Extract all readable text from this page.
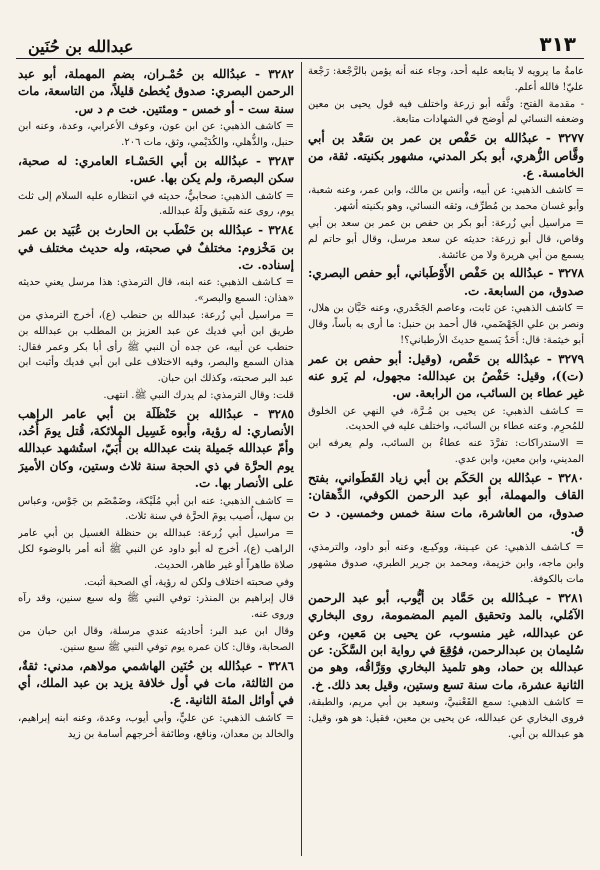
٣١٣
عبدالله بن حُنَين

عامةُ ما يرويه لا يتابعه عليه أحد، وجاء عنه أنه يؤمن بالرَّجْعة: رَجْعة عليّ! فالله أعلم.

- مقدمة الفتح: وثَّقه أبو زرعة واختلف فيه قول يحيى بن معين وضعفه النسائي لم أوضح في الشهادات متابعة.

٣٢٧٧ - عبدُالله بن حَفْص بن عمر بن سَعْد بن أبي وقَّاص الزُّهري، أبو بكر المدني، مشهور بكنيته. ثقة، من الخامسة. ع.

= كاشف الذهبي: عن أبيه، وأنس بن مالك، وابن عمر، وعنه شعبة، وأبو غسان محمد بن مُطرِّف، وثقه النسائي، وهو بكنيته أشهر.

= مراسيل أبي زُرعة: أبو بكر بن حفص بن عمر بن سعد بن أبي وقاص، قال أبو زرعة: حديثه عن سعد مرسل، وقال أبو حاتم لم يسمع من أبي هريرة ولا من عائشة.

٣٢٧٨ - عبدُالله بن حَفْص الأَوْطَباني، أبو حفص البصري: صدوق، من السابعة. ت.

= كاشف الذهبي: عن ثابت، وعاصم الجَحْدري، وعنه حَبَّان بن هلال، ونصر بن علي الجَهْضَمي، قال أحمد بن حنبل: ما أرى به بأساً، وقال أبو خيثمة: قال: أَحَدٌ يَسمع حديثَ الأرطباني؟!

٣٢٧٩ - عبدُالله بن حَفْص، (وقيل: أبو حفص بن عمر (ت))، وقيل: حَفْصُ بن عبدالله: مجهول، لم يَرو عنه غير عطاء بن السائب، من الرابعة. س.

= كـاشف الذهبي: عن يحيى بن مُـرَّة، في النهي عن الخلوق للمُحرِم. وعنه عطاء بن السائب، واختلف عليه في الحديث.

= الاستدراكات: تفرَّدَ عنه عطاءُ بن السائب، ولم يعرفه ابن المديني، وابن معين، وابن عدي.

٣٢٨٠ - عبدُالله بن الحَكَم بن أبي زياد القَطَواني، بفتح القاف والمهملة، أبو عبد الرحمن الكوفي، الدِّهقان: صدوق، من العاشرة، مات سنة خمس وخمسين. د ت ق.

= كـاشف الذهبي: عن عيـينة، ووكيـع، وعنه أبو داود، والترمذي، وابن ماجه، وابن خزيمة، ومحمد بن جرير الطبري، صدوق مشهور مات بالكوفة.

٣٢٨١ - عبـدُالله بن حَمَّاد بن أيُّوب، أبو عبد الرحمن الآمُلي، بالمد وتحقيق الميم المضمومة، روى البخاري عن عبدالله، غير منسوب، عن يحيى بن مَعين، وعن سُليمان بن عبدالرحمن، فوُقِعَ في رواية ابن السَّكَن: عن عبدالله بن حماد، وهو تلميذ البخاري ووَرَّاقُه، وهو من الثانية عشرة، مات سنة تسع وستين، وقيل بعد ذلك. خ.

= كاشف الذهبي: سمع القَعْنبيَّ، وسعيد بن أبي مريم، والطبقة، فروى البخاري عن عبدالله، عن يحيى بن معين، فقيل: هو هو، وقيل: هو عبدالله بن أبي.

٣٢٨٢ - عبدُالله بن حُمْـران، بضم المهملة، أبو عبد الرحمن البصري: صدوق يُخطئ قليلاً، من التاسعة، مات سنة ست - أو خمس - ومئتين. خت م د س.

= كاشف الذهبي: عن ابن عون، وعوف الأعرابي، وعدة، وعنه ابن حنبل، والذُّهلي، والكُدَيْمي، وثق، مات ٢٠٦.

٣٢٨٣ - عبدُالله بن أبي الحَسْـاء العامري: له صحبة، سكن البصرة، ولم يكن بها. عس.

= كاشف الذهبي: صحابيٌّ، حديثه في انتظاره عليه السلام إلى ثلث يوم، روى عنه شَقيق ولَهُ عبدالله.

٣٢٨٤ - عبدُالله بن حَنْطَب بن الحارث بن عُبَيد بن عمر بن مَخْزوم: مختلفٌ في صحبته، وله حديث مختلف في إسناده. ت.

= كـاشف الذهبي: عنه ابنه، قال الترمذي: هذا مرسل يعني حديثه «هذان: السمع والبصر».

= مراسيل أبي زُرعة: عبدالله بن حنطب (ع)، أخرج الترمذي من طريق ابن أبي فديك عن عبد العزيز بن المطلب بن عبدالله بن حنطب عن أبيه، عن جده أن النبي ﷺ رأى أبا بكر وعمر فقال: هذان السمع والبصر، وفيه الاختلاف على ابن أبي فديك وأثبت ابن عبد البر صحبته، وكذلك ابن حبان.

قلت: وقال الترمذي: لم يدرك النبي ﷺ. انتهى.

٣٢٨٥ - عبدُالله بن حَنْظَلَة بن أبي عامر الراهب الأنصاري: له رؤية، وأبوه غَسِيل الملائكة، قُتل يومَ أُحُد، وأمّ عبدالله جَميلة بنت عبدالله بن أُبَيّ، استُشهد عبدالله يوم الحرَّة في ذي الحجة سنة ثلاث وستين، وكان الأميرَ على الأنصار بها. ت.

= كاشف الذهبي: عنه ابن أبي مُلَيْكة، وضَمْضَم بن جَوْس، وعباس بن سهل، أُصيب يومَ الحرَّة في سنة ثلاث.

= مراسيل أبي زُرعة: عبدالله بن حنظلة الغسيل بن أبي عامر الراهب (ع)، أخرج له أبو داود عن النبي ﷺ أنه أمر بالوضوء لكل صلاة طاهراً أو غير طاهر، الحديث.

وفي صحبته اختلاف ولكن له رؤية، أي الصحبة أثبت.

قال إبراهيم بن المنذر: توفي النبي ﷺ وله سبع سنين، وقد رآه وروى عنه.

وقال ابن عبد البر: أحاديثه عندي مرسلة، وقال ابن حبان من الصحابة، وقال: كان عمره يوم توفي النبي ﷺ سبع سنين.

٣٢٨٦ - عبدُالله بن حُنَين الهاشمي مولاهم، مدني: ثقةٌ، من الثالثة، مات في أول خلافة يزيد بن عبد الملك، أي في أوائل المئة الثانية. ع.

= كاشف الذهبي: عن عليٍّ، وأبي أيوب، وعدة، وعنه ابنه إبراهيم، والخالد بن معدان، ونافع، وطائفة أخرجهم أسامة بن زيد
